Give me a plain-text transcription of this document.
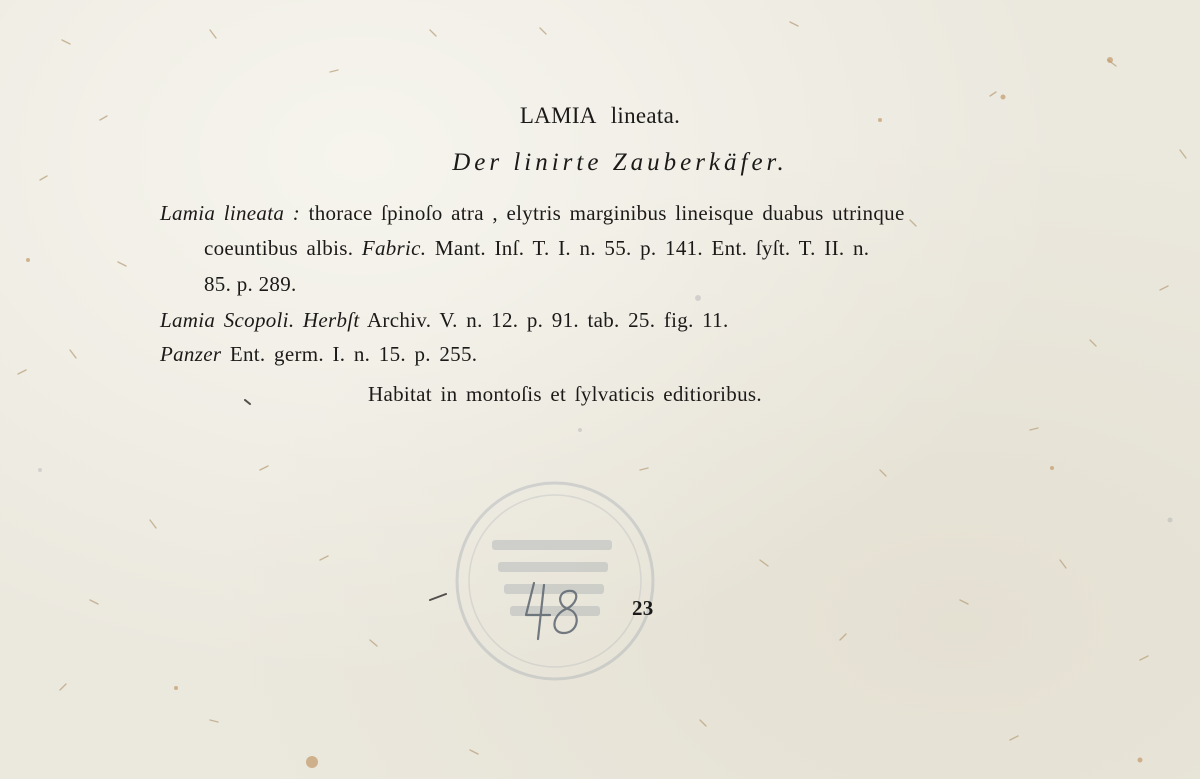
LAMIA lineata.
Der linirte Zauberkäfer.
Lamia lineata : thorace ſpinoſo atra , elytris marginibus lineisque duabus utrinque
coeuntibus albis. Fabric. Mant. Inſ. T. I. n. 55. p. 141. Ent. ſyſt. T. II. n.
85. p. 289.
Lamia Scopoli. Herbſt Archiv. V. n. 12. p. 91. tab. 25. fig. 11.
Panzer Ent. germ. I. n. 15. p. 255.
Habitat in montoſis et ſylvaticis editioribus.
23
